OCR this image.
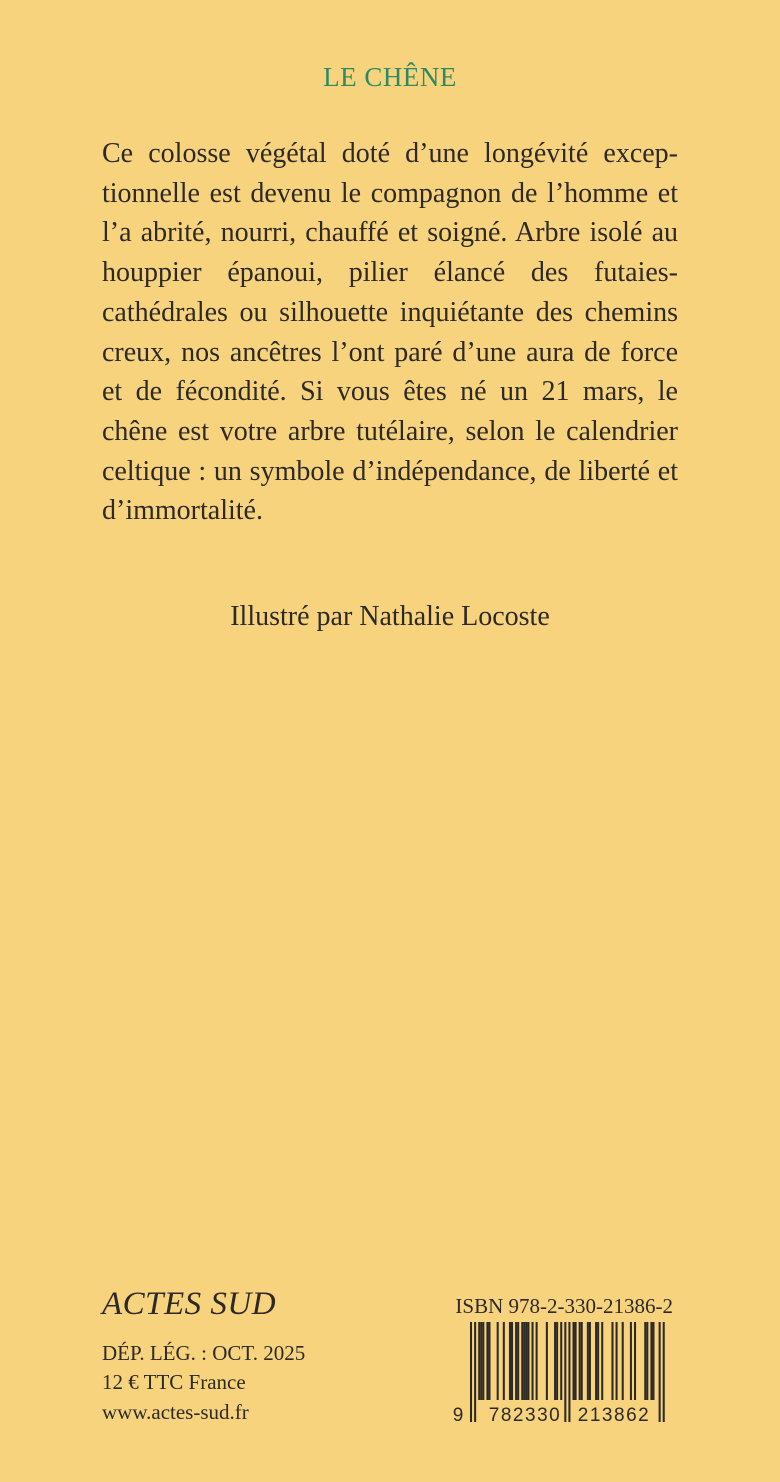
LE CHÊNE

Ce colosse végétal doté d’une longévité exceptionnelle est devenu le compagnon de l’homme et l’a abrité, nourri, chauffé et soigné. Arbre isolé au houppier épanoui, pilier élancé des futaies-cathédrales ou silhouette inquiétante des chemins creux, nos ancêtres l’ont paré d’une aura de force et de fécondité. Si vous êtes né un 21 mars, le chêne est votre arbre tutélaire, selon le calendrier celtique : un symbole d’indépendance, de liberté et d’immortalité.

Illustré par Nathalie Locoste
ACTES SUD
DÉP. LÉG. : OCT. 2025
12 € TTC France
www.actes-sud.fr
ISBN 978-2-330-21386-2
9 782330 213862
